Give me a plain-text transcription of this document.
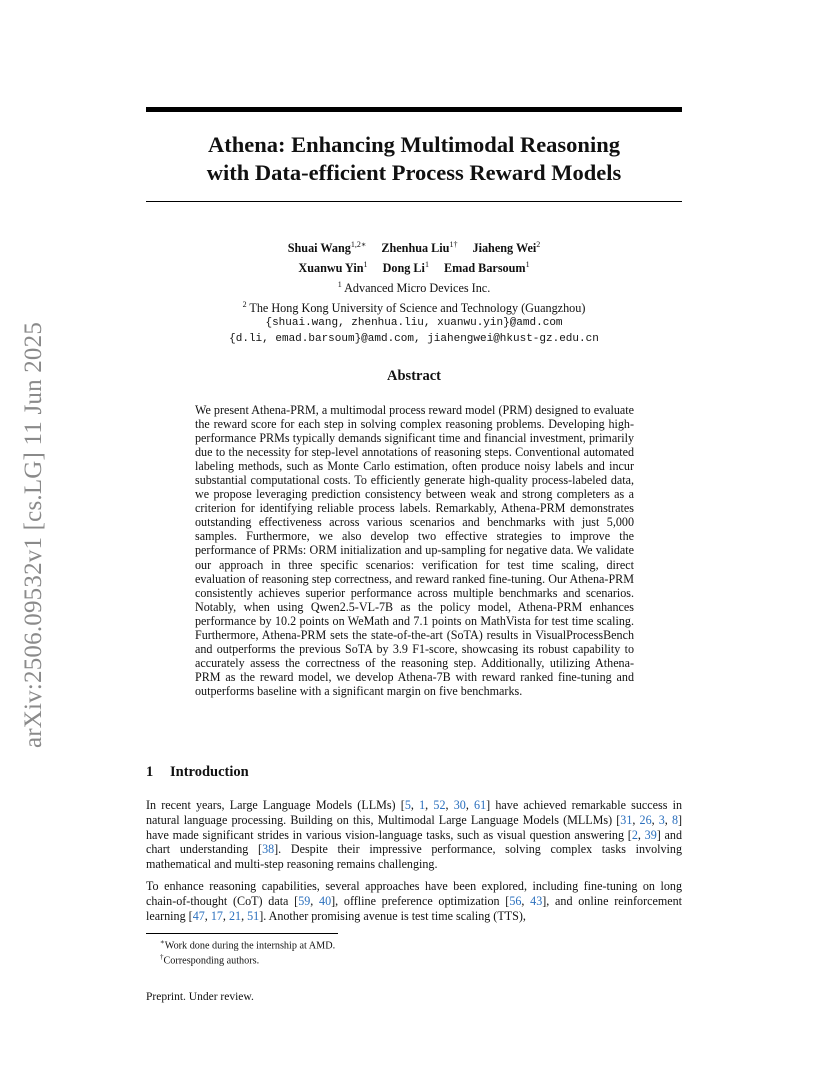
arXiv:2506.09532v1 [cs.LG] 11 Jun 2025
Athena: Enhancing Multimodal Reasoning
with Data-efficient Process Reward Models
Shuai Wang$^{1,2∗}$ Zhenhua Liu$^{1\dagger}$ Jiaheng Wei$^2$
Xuanwu Yin$^1$ Dong Li$^1$ Emad Barsoum$^1$
$^1$ Advanced Micro Devices Inc.
$^2$ The Hong Kong University of Science and Technology (Guangzhou)
{shuai.wang, zhenhua.liu, xuanwu.yin}@amd.com
{d.li, emad.barsoum}@amd.com, jiahengwei@hkust-gz.edu.cn
Abstract

We present Athena-PRM, a multimodal process reward model (PRM) designed to evaluate the reward score for each step in solving complex reasoning problems. Developing high-performance PRMs typically demands significant time and financial investment, primarily due to the necessity for step-level annotations of reasoning steps. Conventional automated labeling methods, such as Monte Carlo estimation, often produce noisy labels and incur substantial computational costs. To efficiently generate high-quality process-labeled data, we propose leveraging prediction consistency between weak and strong completers as a criterion for identifying reliable process labels. Remarkably, Athena-PRM demonstrates outstanding effectiveness across various scenarios and benchmarks with just 5,000 samples. Furthermore, we also develop two effective strategies to improve the performance of PRMs: ORM initialization and up-sampling for negative data. We validate our approach in three specific scenarios: verification for test time scaling, direct evaluation of reasoning step correctness, and reward ranked fine-tuning. Our Athena-PRM consistently achieves superior performance across multiple benchmarks and scenarios. Notably, when using Qwen2.5-VL-7B as the policy model, Athena-PRM enhances performance by 10.2 points on WeMath and 7.1 points on MathVista for test time scaling. Furthermore, Athena-PRM sets the state-of-the-art (SoTA) results in VisualProcessBench and outperforms the previous SoTA by 3.9 F1-score, showcasing its robust capability to accurately assess the correctness of the reasoning step. Additionally, utilizing Athena-PRM as the reward model, we develop Athena-7B with reward ranked fine-tuning and outperforms baseline with a significant margin on five benchmarks.

1 Introduction

In recent years, Large Language Models (LLMs) [5, 1, 52, 30, 61] have achieved remarkable success in natural language processing. Building on this, Multimodal Large Language Models (MLLMs) [31, 26, 3, 8] have made significant strides in various vision-language tasks, such as visual question answering [2, 39] and chart understanding [38]. Despite their impressive performance, solving complex tasks involving mathematical and multi-step reasoning remains challenging.

To enhance reasoning capabilities, several approaches have been explored, including fine-tuning on long chain-of-thought (CoT) data [59, 40], offline preference optimization [56, 43], and online reinforcement learning [47, 17, 21, 51]. Another promising avenue is test time scaling (TTS),

∗Work done during the internship at AMD.
†Corresponding authors.
Preprint. Under review.
